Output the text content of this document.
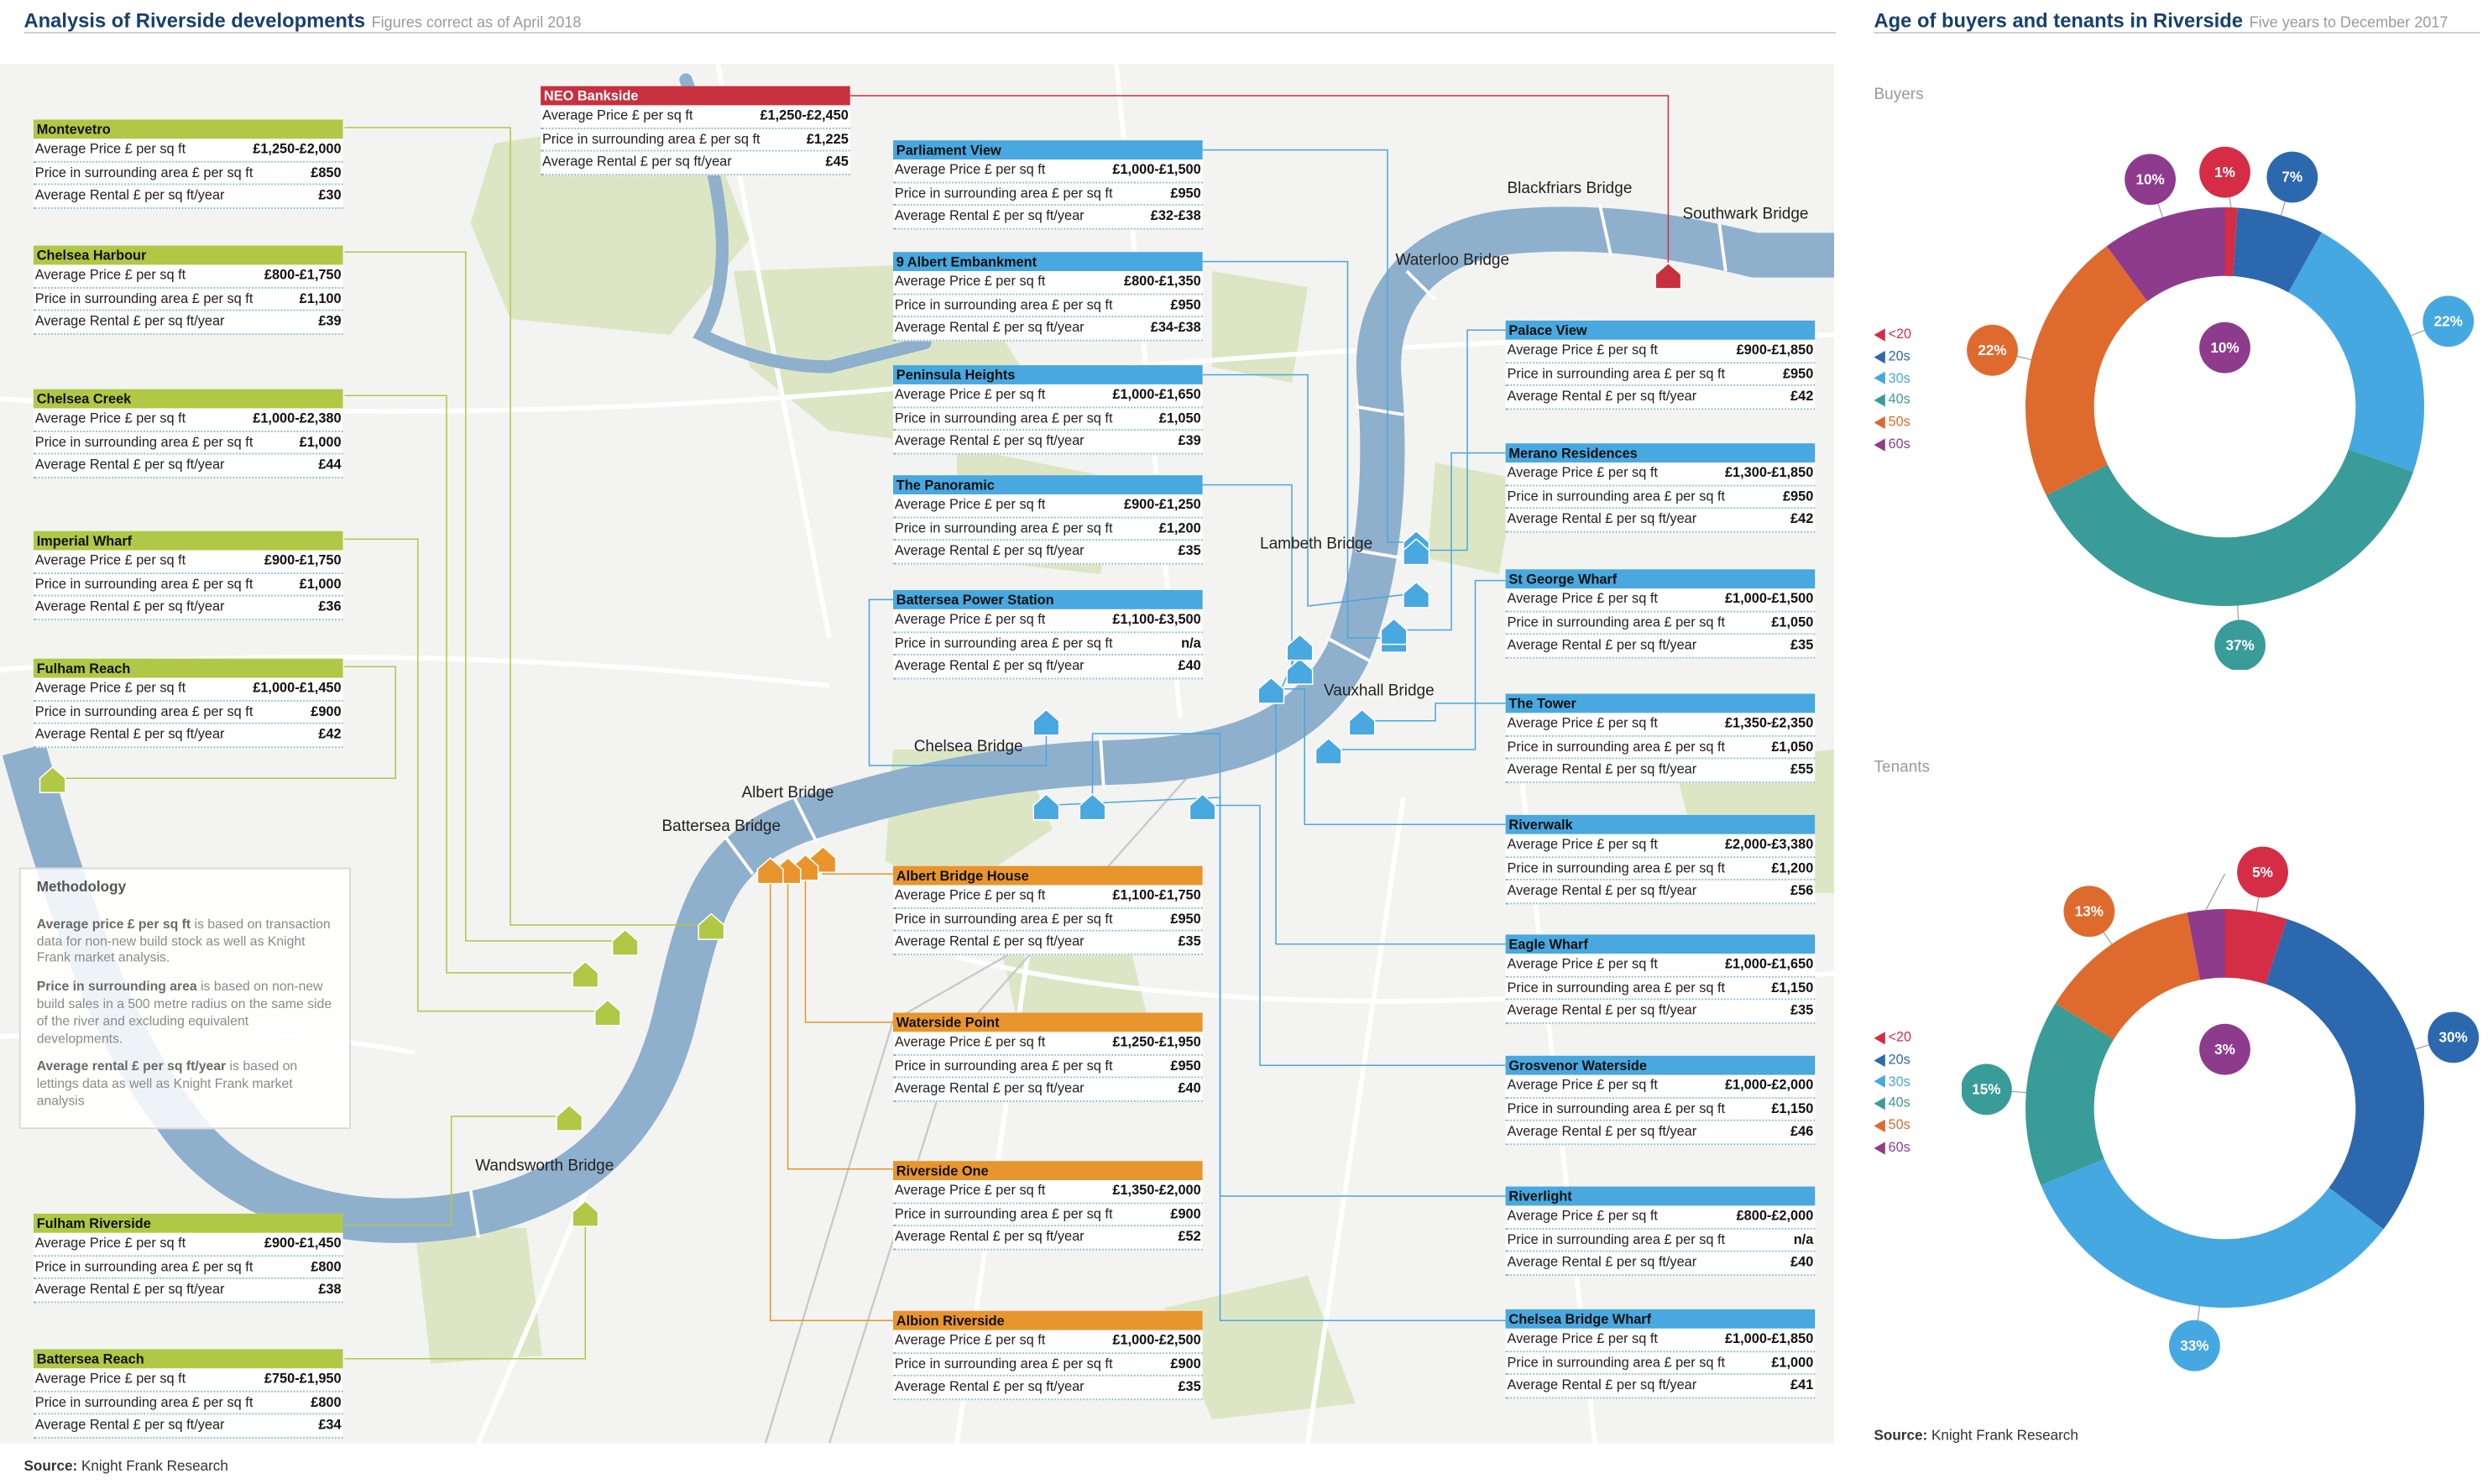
Analysis of Riverside developments Figures correct as of April 2018	Age of buyers and tenants in Riverside Five years to December 2017
Blackfriars Bridge
Southwark Bridge
Waterloo Bridge
Lambeth Bridge
Vauxhall Bridge
Chelsea Bridge
Albert Bridge
Battersea Bridge
Wandsworth Bridge
NEO Bankside
Average Price £ per sq ft	£1,250-£2,450
Price in surrounding area £ per sq ft	£1,225
Average Rental £ per sq ft/year	£45
Montevetro
Average Price £ per sq ft	£1,250-£2,000
Price in surrounding area £ per sq ft	£850
Average Rental £ per sq ft/year	£30
Chelsea Harbour
Average Price £ per sq ft	£800-£1,750
Price in surrounding area £ per sq ft	£1,100
Average Rental £ per sq ft/year	£39
Chelsea Creek
Average Price £ per sq ft	£1,000-£2,380
Price in surrounding area £ per sq ft	£1,000
Average Rental £ per sq ft/year	£44
Imperial Wharf
Average Price £ per sq ft	£900-£1,750
Price in surrounding area £ per sq ft	£1,000
Average Rental £ per sq ft/year	£36
Fulham Reach
Average Price £ per sq ft	£1,000-£1,450
Price in surrounding area £ per sq ft	£900
Average Rental £ per sq ft/year	£42
Fulham Riverside
Average Price £ per sq ft	£900-£1,450
Price in surrounding area £ per sq ft	£800
Average Rental £ per sq ft/year	£38
Battersea Reach
Average Price £ per sq ft	£750-£1,950
Price in surrounding area £ per sq ft	£800
Average Rental £ per sq ft/year	£34
Parliament View
Average Price £ per sq ft	£1,000-£1,500
Price in surrounding area £ per sq ft	£950
Average Rental £ per sq ft/year	£32-£38
9 Albert Embankment
Average Price £ per sq ft	£800-£1,350
Price in surrounding area £ per sq ft	£950
Average Rental £ per sq ft/year	£34-£38
Peninsula Heights
Average Price £ per sq ft	£1,000-£1,650
Price in surrounding area £ per sq ft	£1,050
Average Rental £ per sq ft/year	£39
The Panoramic
Average Price £ per sq ft	£900-£1,250
Price in surrounding area £ per sq ft	£1,200
Average Rental £ per sq ft/year	£35
Battersea Power Station
Average Price £ per sq ft	£1,100-£3,500
Price in surrounding area £ per sq ft	n/a
Average Rental £ per sq ft/year	£40
Albert Bridge House
Average Price £ per sq ft	£1,100-£1,750
Price in surrounding area £ per sq ft	£950
Average Rental £ per sq ft/year	£35
Waterside Point
Average Price £ per sq ft	£1,250-£1,950
Price in surrounding area £ per sq ft	£950
Average Rental £ per sq ft/year	£40
Riverside One
Average Price £ per sq ft	£1,350-£2,000
Price in surrounding area £ per sq ft	£900
Average Rental £ per sq ft/year	£52
Albion Riverside
Average Price £ per sq ft	£1,000-£2,500
Price in surrounding area £ per sq ft	£900
Average Rental £ per sq ft/year	£35
Palace View
Average Price £ per sq ft	£900-£1,850
Price in surrounding area £ per sq ft	£950
Average Rental £ per sq ft/year	£42
Merano Residences
Average Price £ per sq ft	£1,300-£1,850
Price in surrounding area £ per sq ft	£950
Average Rental £ per sq ft/year	£42
St George Wharf
Average Price £ per sq ft	£1,000-£1,500
Price in surrounding area £ per sq ft	£1,050
Average Rental £ per sq ft/year	£35
The Tower
Average Price £ per sq ft	£1,350-£2,350
Price in surrounding area £ per sq ft	£1,050
Average Rental £ per sq ft/year	£55
Riverwalk
Average Price £ per sq ft	£2,000-£3,380
Price in surrounding area £ per sq ft	£1,200
Average Rental £ per sq ft/year	£56
Eagle Wharf
Average Price £ per sq ft	£1,000-£1,650
Price in surrounding area £ per sq ft	£1,150
Average Rental £ per sq ft/year	£35
Grosvenor Waterside
Average Price £ per sq ft	£1,000-£2,000
Price in surrounding area £ per sq ft	£1,150
Average Rental £ per sq ft/year	£46
Riverlight
Average Price £ per sq ft	£800-£2,000
Price in surrounding area £ per sq ft	n/a
Average Rental £ per sq ft/year	£40
Chelsea Bridge Wharf
Average Price £ per sq ft	£1,000-£1,850
Price in surrounding area £ per sq ft	£1,000
Average Rental £ per sq ft/year	£41
Methodology

Average price £ per sq ft is based on transaction data for non-new build stock as well as Knight Frank market analysis.

Price in surrounding area is based on non-new build sales in a 500 metre radius on the same side of the river and excluding equivalent developments.

Average rental £ per sq ft/year is based on lettings data as well as Knight Frank market analysis

Source: Knight Frank Research
Source: Knight Frank Research
Buyers
Tenants
<20
20s
30s
40s
50s
60s
<20
20s
30s
40s
50s
60s
1%	7%
22%
37%
22%
10%
10%
5%
30%
33%
15%
13%
3%
